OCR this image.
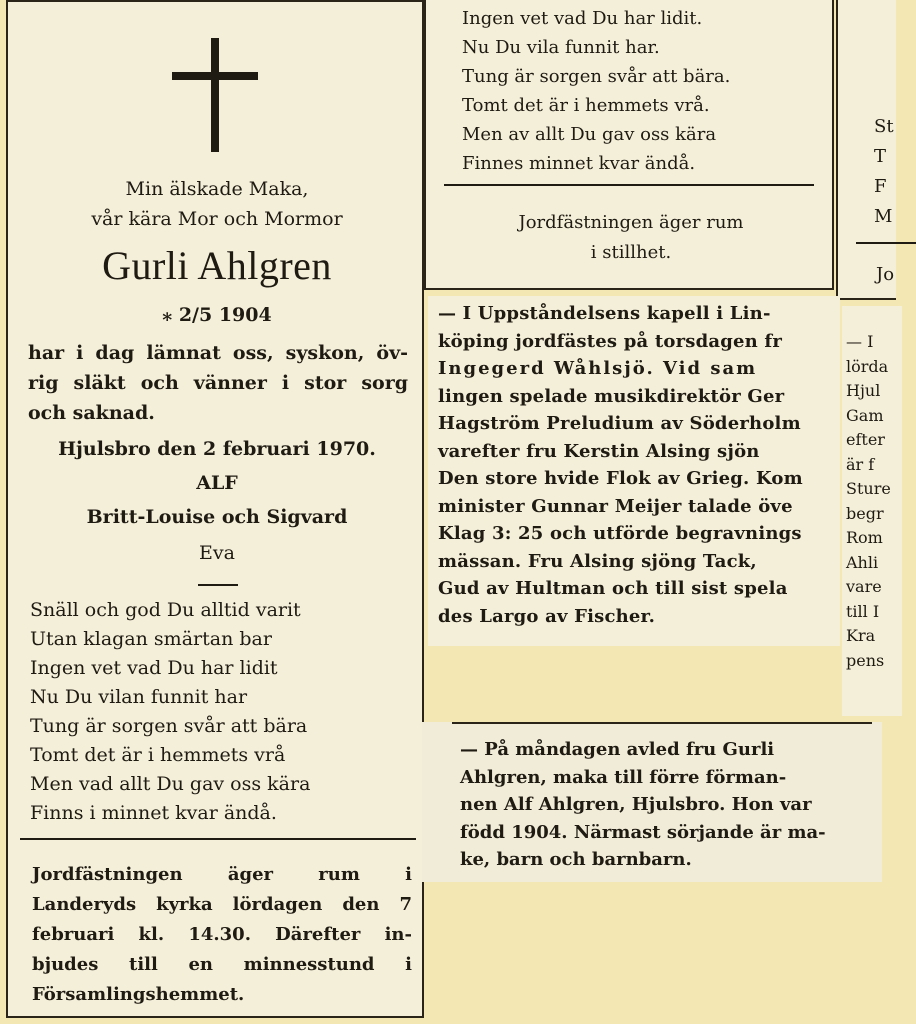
Min älskade Maka,
vår kära Mor och Mormor
Gurli Ahlgren
⁎ 2/5 1904
har i dag lämnat oss, syskon, öv-
rig släkt och vänner i stor sorg
och saknad.
Hjulsbro den 2 februari 1970.
ALF
Britt-Louise och Sigvard
Eva
Snäll och god Du alltid varit
Utan klagan smärtan bar
Ingen vet vad Du har lidit
Nu Du vilan funnit har
Tung är sorgen svår att bära
Tomt det är i hemmets vrå
Men vad allt Du gav oss kära
Finns i minnet kvar ändå.
Jordfästningen äger rum i
Landeryds kyrka lördagen den 7
februari kl. 14.30. Därefter in-
bjudes till en minnesstund i
Församlingshemmet.
Ingen vet vad Du har lidit.
Nu Du vila funnit har.
Tung är sorgen svår att bära.
Tomt det är i hemmets vrå.
Men av allt Du gav oss kära
Finnes minnet kvar ändå.
Jordfästningen äger rum
i stillhet.
St
T
F
M
Jo
— I Uppståndelsens kapell i Lin-
köping jordfästes på torsdagen fr
Ingegerd Wåhlsjö. Vid sam
lingen spelade musikdirektör Ger
Hagström Preludium av Söderholm
varefter fru Kerstin Alsing sjön
Den store hvide Flok av Grieg. Kom
minister Gunnar Meijer talade öve
Klag 3: 25 och utförde begravnings
mässan. Fru Alsing sjöng Tack,
Gud av Hultman och till sist spela
des Largo av Fischer.
— I
lörda
Hjul
Gam
efter
är f
Sture
begr
Rom
Ahli
vare
till I
Kra
pens
— På måndagen avled fru Gurli
Ahlgren, maka till förre förman-
nen Alf Ahlgren, Hjulsbro. Hon var
född 1904. Närmast sörjande är ma-
ke, barn och barnbarn.
